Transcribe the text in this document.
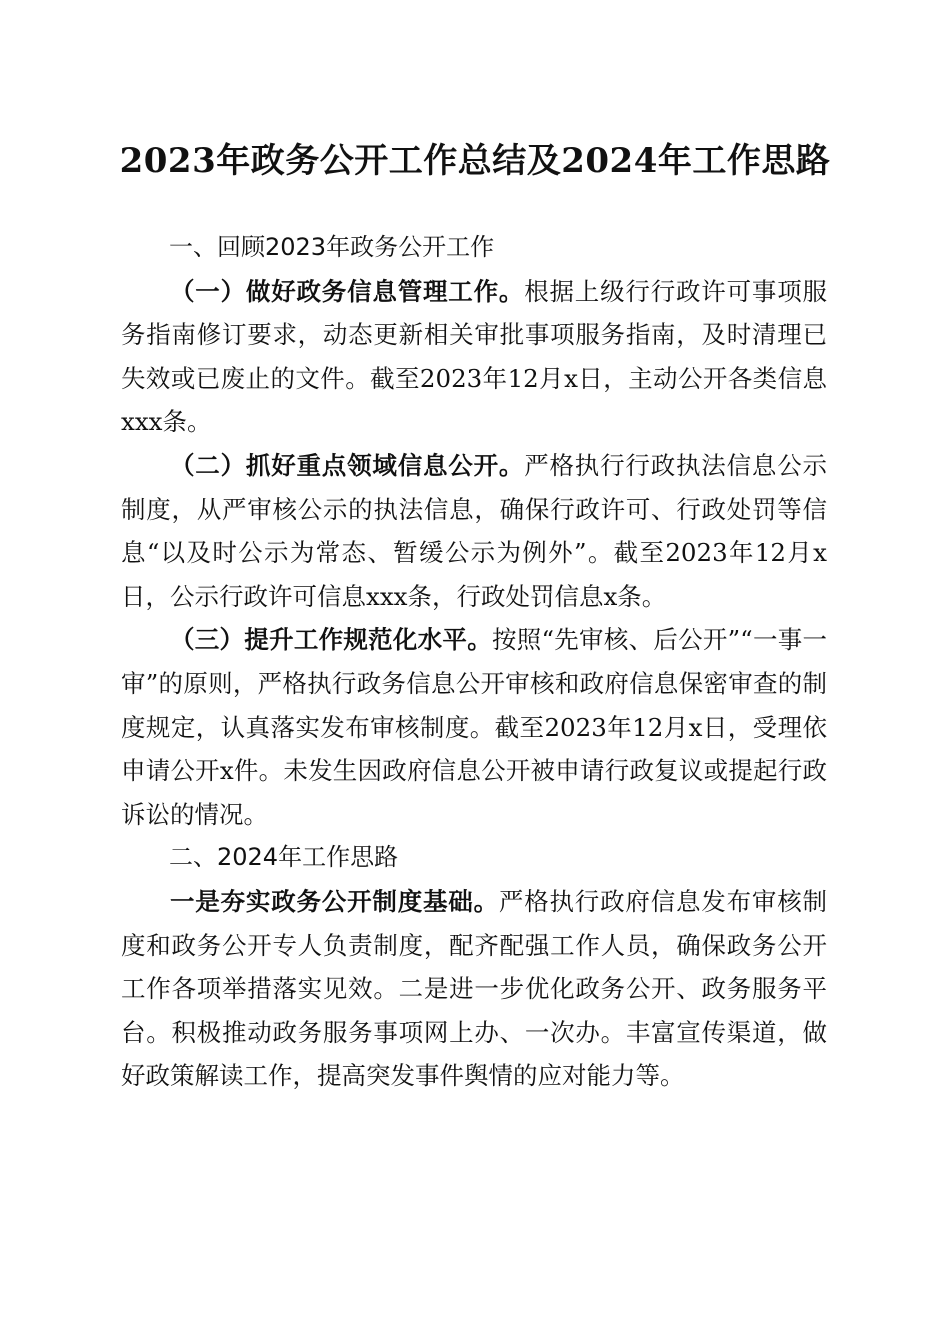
2023年政务公开工作总结及2024年工作思路

一、回顾2023年政务公开工作

（一）做好政务信息管理工作。根据上级行行政许可事项服务指南修订要求，动态更新相关审批事项服务指南，及时清理已失效或已废止的文件。截至2023年12月x日，主动公开各类信息xxx条。

（二）抓好重点领域信息公开。严格执行行政执法信息公示制度，从严审核公示的执法信息，确保行政许可、行政处罚等信息“以及时公示为常态、暂缓公示为例外”。截至2023年12月x日，公示行政许可信息xxx条，行政处罚信息x条。

（三）提升工作规范化水平。按照“先审核、后公开”“一事一审”的原则，严格执行政务信息公开审核和政府信息保密审查的制度规定，认真落实发布审核制度。截至2023年12月x日，受理依申请公开x件。未发生因政府信息公开被申请行政复议或提起行政诉讼的情况。

二、2024年工作思路

一是夯实政务公开制度基础。严格执行政府信息发布审核制度和政务公开专人负责制度，配齐配强工作人员，确保政务公开工作各项举措落实见效。二是进一步优化政务公开、政务服务平台。积极推动政务服务事项网上办、一次办。丰富宣传渠道，做好政策解读工作，提高突发事件舆情的应对能力等。
